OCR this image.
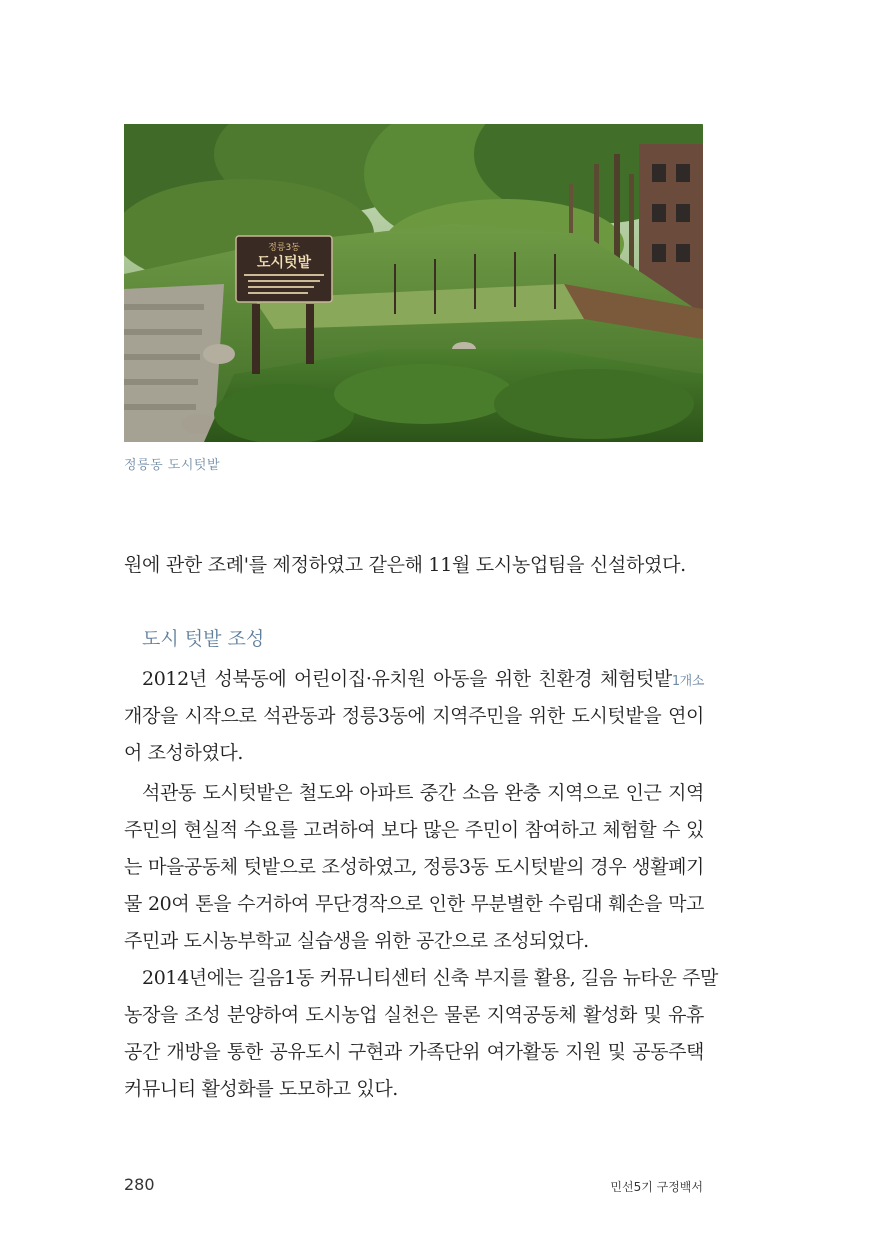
정릉3동
도시텃밭
정릉동 도시텃밭
원에 관한 조례'를 제정하였고 같은해 11월 도시농업팀을 신설하였다.
도시 텃밭 조성
2012년 성북동에 어린이집·유치원 아동을 위한 친환경 체험텃밭1개소
개장을 시작으로 석관동과 정릉3동에 지역주민을 위한 도시텃밭을 연이
어 조성하였다.
석관동 도시텃밭은 철도와 아파트 중간 소음 완충 지역으로 인근 지역
주민의 현실적 수요를 고려하여 보다 많은 주민이 참여하고 체험할 수 있
는 마을공동체 텃밭으로 조성하였고, 정릉3동 도시텃밭의 경우 생활폐기
물 20여 톤을 수거하여 무단경작으로 인한 무분별한 수림대 훼손을 막고
주민과 도시농부학교 실습생을 위한 공간으로 조성되었다.
2014년에는 길음1동 커뮤니티센터 신축 부지를 활용, 길음 뉴타운 주말
농장을 조성 분양하여 도시농업 실천은 물론 지역공동체 활성화 및 유휴
공간 개방을 통한 공유도시 구현과 가족단위 여가활동 지원 및 공동주택
커뮤니티 활성화를 도모하고 있다.
280	민선5기 구정백서
